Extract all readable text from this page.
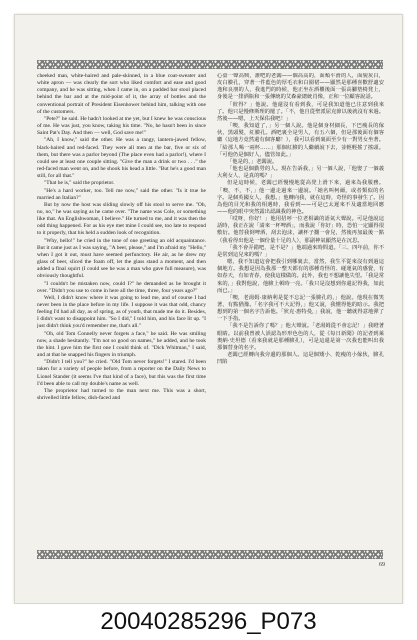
cheeked man, white-haired and pale-skinned, in a blue coat-sweater and white apron — was clearly the sort who liked comfort and ease and good company, and he was sitting, when I came in, on a padded bar stool placed behind the bar and at the mid-point of it, the array of bottles and the conventional portrait of President Eisenhower behind him, talking with one of the customers.

"Pete?" he said. He hadn't looked at me yet, but I knew he was conscious of me. He was just, you know, taking his time. "No, he hasn't been in since Saint Pat's Day. And then — well, God save me!"

"Ah, I know," said the other. He was a rangy, lantern-jawed fellow, black-haired and red-faced. They were all men at the bar, five or six of them, but there was a parlor beyond (The place even had a parlor!), where I could see at least one couple sitting. "Give the man a drink or two . . ." the red-faced man went on, and he shook his head a little. "But he's a good man still, for all that."

"That he is," said the proprietor.

"He's a hard worker, too. Tell me now," said the other. "Is it true he married an Italian?"

But by now the host was sliding slowly off his stool to serve me. "Oh, no, no," he was saying as he came over. "The name was Cole, or something like that. An Englishwoman, I believe." He turned to me, and it was then the odd thing happened. For as his eye met mine I could see, too late to respond to it properly, that his held a sudden look of recognition.

"Why, hello!" he cried in the tone of one greeting an old acquaintance. But it came just as I was saying, "A beer, please," and I'm afraid my "Hello," when I got it out, must have seemed perfunctory. He air, as he drew my glass of beer, sliced the foam off, let the glass stand a moment, and then added a final squirt (I could see he was a man who gave full measure), was obviously thoughtful.

"I couldn't be mistaken now, could I?" he demanded as he brought it over. "Didn't you use to come in here all the time, three, four years ago?"

Well, I didn't know where it was going to lead me, and of course I had never been in the place before in my life. I suppose it was that odd, chancy feeling I'd had all day, as of spring, as of youth, that made me do it. Besides, I didn't want to disappoint him. "So I did," I told him, and his face lit up. "I just didn't think you'd remember me, that's all."

"Oh, old Tom Connelly never forgets a face," he said. He was smiling now, a shade hesitantly. "I'm not so good on names," he added, and he took the hint. I gave him the first one I could think of. "Dick Whitman," I said, and at that he snapped his fingers in triumph.

"Didn't I tell you?" he cried. "Old Tom never forgets!" I stared. I'd been taken for a variety of people before, from a reporter on the Daily News to Lionel Stander (it seems I've that kind of a face), but this was the first time I'd been able to call my double's name as well.

The proprietor had turned to the man next me. This was a short, shrivelled little fellow, dish-faced and

心臺一聲高興，誰吧的老闆——個高高的，面頰平滑的人，面貌灰白，皮白臉孔，穿著一件藍色的厚毛衣和白圍裙——顯然是那種喜歡舒適安逸和良朋的人，我進門的時候，他正坐在酒櫃後面一張高腳墊椅凳上，身後是一排酒瓶和一張傳統的艾森豪總統肖像，正和一位顧客說話。

「彼得？」他說。他還沒有看到我，可是我知道他已注意到我來了。他只是慢條斯理的罷了。「不，他自從聖派屈克節以後就沒有來過。然後——嗯，上天保佑我吧！」

「噢，我知道了，」另一個人說。他是個身材細長，下巴瘦長的傢伙，黑頭髮，紅臉孔。酒吧裏全是男人，有五六個，但是那後面有個客廳（這地方竟然還有個客廳！），我可以看到裏面至少有一對男女坐著。「給那人喝一兩杯……」那個紅臉的人繼續說下去，並輕輕搖了搖頭。「可他仍是個好人，儘管如此。」

「他是的，」老闆說。

「他也是個勤勞的人。現在告訴我，」另一個人說，「他娶了一個義大利女人，是真的嗎？」

但是這時候，老闆已經慢慢地從高凳上滑下來，過來為我服務。「噢，不，不，」他一邊走過來一邊說。「她名叫柯爾，或者類似的名字。是個英國女人，我想。」他轉向我，就在這時，奇怪的事發生了。因為他的目光和我的相遇時，我看到——可是已太遲來不及適當地回應——他的眼中突然露出認識我的神色。

「哎呀，你好！」他用招呼一位老相識的語氣大聲說。可是他說這話時，我正在說「請來一杯啤酒」，而我說「你好」時，恐怕一定顯得很敷衍。他替我倒啤酒，刮去泡沫，讓杯子擱一會兒，然後再加最後一點（我看得出他是一個份量十足的人），那副神氣顯然是在沉思。

「我不會弄錯吧，是不是？」他端過來時問道。「三、四年前，你不是常到這兒來的嗎？」

嗯，我不知道這會把我引到哪裏去，當然，我生平從來沒有到過這個地方。我想是因為我那一整天都有的那種奇怪的、碰運氣的感覺，有如春天，有如青春，使我這樣做的。此外，我也不想讓他失望。「我是常來的，」我對他說，他臉上頓時一亮。「我只是沒想到你還記得我，如此而已。」

「噢，老湯姆‧康納利是從不忘記一張臉孔的，」他說。他現在微笑著，有點猶豫。「名字我可不大記得，」他又說，我懂得他的暗示。我把想到的第一個名字告訴他。「狄克‧惠特曼，」我說，他一聽就得意地彈了一下手指。

「我不是告訴你了嗎？」他大聲說。「老湯姆從不會忘記！」我瞪著眼睛。以前我曾被人誤認為形形色色的人，從《每日新聞》的記者到萊奧納‧史坦德（看來我就是那種臉孔），可是這還是第一次我也能叫出我那個替身的名字。

老闆已經轉向我旁邊的那個人。這是個矮小、乾瘦的小傢伙，臉孔凹陷

69
20040285296_P073
